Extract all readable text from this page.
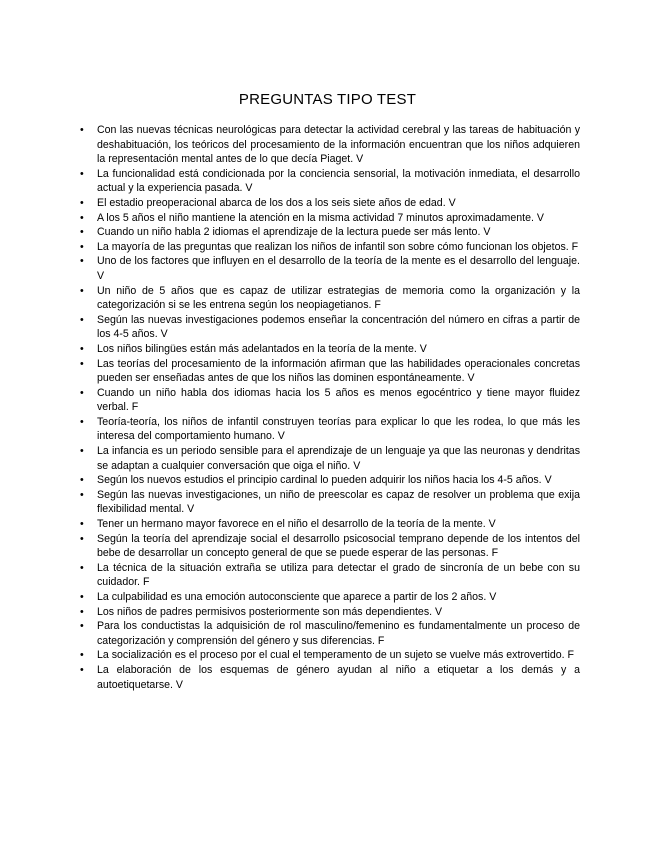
PREGUNTAS TIPO TEST
• Con las nuevas técnicas neurológicas para detectar la actividad cerebral y las tareas de habituación y deshabituación, los teóricos del procesamiento de la información encuentran que los niños adquieren la representación mental antes de lo que decía Piaget. V
• La funcionalidad está condicionada por la conciencia sensorial, la motivación inmediata, el desarrollo actual y la experiencia pasada. V
• El estadio preoperacional abarca de los dos a los seis siete años de edad. V
• A los 5 años el niño mantiene la atención en la misma actividad 7 minutos aproximadamente. V
• Cuando un niño habla 2 idiomas el aprendizaje de la lectura puede ser más lento. V
• La mayoría de las preguntas que realizan los niños de infantil son sobre cómo funcionan los objetos. F
• Uno de los factores que influyen en el desarrollo de la teoría de la mente es el desarrollo del lenguaje. V
• Un niño de 5 años que es capaz de utilizar estrategias de memoria como la organización y la categorización si se les entrena según los neopiagetianos. F
• Según las nuevas investigaciones podemos enseñar la concentración del número en cifras a partir de los 4-5 años. V
• Los niños bilingües están más adelantados en la teoría de la mente. V
• Las teorías del procesamiento de la información afirman que las habilidades operacionales concretas pueden ser enseñadas antes de que los niños las dominen espontáneamente. V
• Cuando un niño habla dos idiomas hacia los 5 años es menos egocéntrico y tiene mayor fluidez verbal. F
• Teoría-teoría, los niños de infantil construyen teorías para explicar lo que les rodea, lo que más les interesa del comportamiento humano. V
• La infancia es un periodo sensible para el aprendizaje de un lenguaje ya que las neuronas y dendritas se adaptan a cualquier conversación que oiga el niño. V
• Según los nuevos estudios el principio cardinal lo pueden adquirir los niños hacia los 4-5 años. V
• Según las nuevas investigaciones, un niño de preescolar es capaz de resolver un problema que exija flexibilidad mental. V
• Tener un hermano mayor favorece en el niño el desarrollo de la teoría de la mente. V
• Según la teoría del aprendizaje social el desarrollo psicosocial temprano depende de los intentos del bebe de desarrollar un concepto general de que se puede esperar de las personas. F
• La técnica de la situación extraña se utiliza para detectar el grado de sincronía de un bebe con su cuidador. F
• La culpabilidad es una emoción autoconsciente que aparece a partir de los 2 años. V
• Los niños de padres permisivos posteriormente son más dependientes. V
• Para los conductistas la adquisición de rol masculino/femenino es fundamentalmente un proceso de categorización y comprensión del género y sus diferencias. F
• La socialización es el proceso por el cual el temperamento de un sujeto se vuelve más extrovertido. F
• La elaboración de los esquemas de género ayudan al niño a etiquetar a los demás y a autoetiquetarse. V
